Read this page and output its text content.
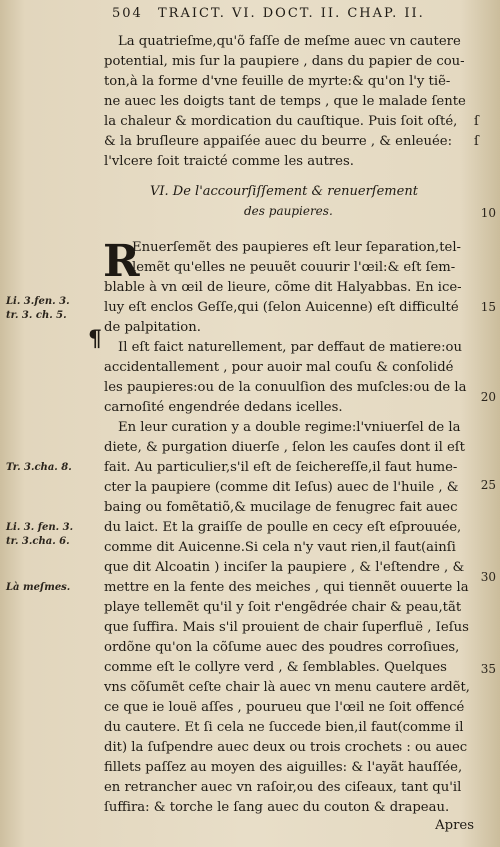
504 TRAICT. VI. DOCT. II. CHAP. II.
La quatrieſme,qu'õ faſſe de meſme auec vn cautere
potential, mis ſur la paupiere , dans du papier de cou-
ton,à la forme d'vne feuille de myrte:& qu'on l'y tiẽ-
ne auec les doigts tant de temps , que le malade ſente
la chaleur & mordication du cauſtique. Puis ſoit oſté,
& la bruſleure appaiſée auec du beurre , & enleuée:
l'vlcere ſoit traicté comme les autres.
ſ
ſ
VI. De l'accourſiſſement & renuerſement
des paupieres.	10
R
¶
Enuerſemẽt des paupieres eſt leur ſeparation,tel-
lemẽt qu'elles ne peuuẽt couurir l'œil:& eſt ſem-
blable à vn œil de lieure, cõme dit Halyabbas. En ice-
luy eſt enclos Geſſe,qui (ſelon Auicenne) eſt difficulté
de palpitation.
Il eſt faict naturellement, par deffaut de matiere:ou
accidentallement , pour auoir mal couſu & conſolidé
les paupieres:ou de la conuulſion des muſcles:ou de la
carnoſité engendrée dedans icelles.
En leur curation y a double regime:l'vniuerſel de la
diete, & purgation diuerſe , ſelon les cauſes dont il eſt
fait. Au particulier,s'il eſt de ſeichereſſe,il faut hume-
cter la paupiere (comme dit Ieſus) auec de l'huile , &
baing ou fomẽtatiõ,& mucilage de fenugrec fait auec
du laict. Et la graiſſe de poulle en cecy eſt eſprouuée,
comme dit Auicenne.Si cela n'y vaut rien,il faut(ainſi
que dit Alcoatin ) inciſer la paupiere , & l'eſtendre , &
mettre en la fente des meiches , qui tiennẽt ouuerte la
playe tellemẽt qu'il y ſoit r'engẽdrée chair & peau,tãt
que ſuffira. Mais s'il prouient de chair ſuperfluë , Ieſus
ordõne qu'on la cõſume auec des poudres corroſiues,
comme eſt le collyre verd , & ſemblables. Quelques
vns cõſumẽt ceſte chair là auec vn menu cautere ardẽt,
ce que ie louë aſſes , pourueu que l'œil ne ſoit offencé
du cautere. Et ſi cela ne ſuccede bien,il faut(comme il
dit) la ſuſpendre auec deux ou trois crochets : ou auec
fillets paſſez au moyen des aiguilles: & l'ayãt hauſſée,
en retrancher auec vn raſoir,ou des ciſeaux, tant qu'il
ſuffira: & torche le ſang auec du couton & drapeau.
Apres
Li. 3.fen. 3.
tr. 3. ch. 5.
Tr. 3.cha. 8.
Li. 3. fen. 3.
tr. 3.cha. 6.
Là meſmes.
15
20
25
30
35
